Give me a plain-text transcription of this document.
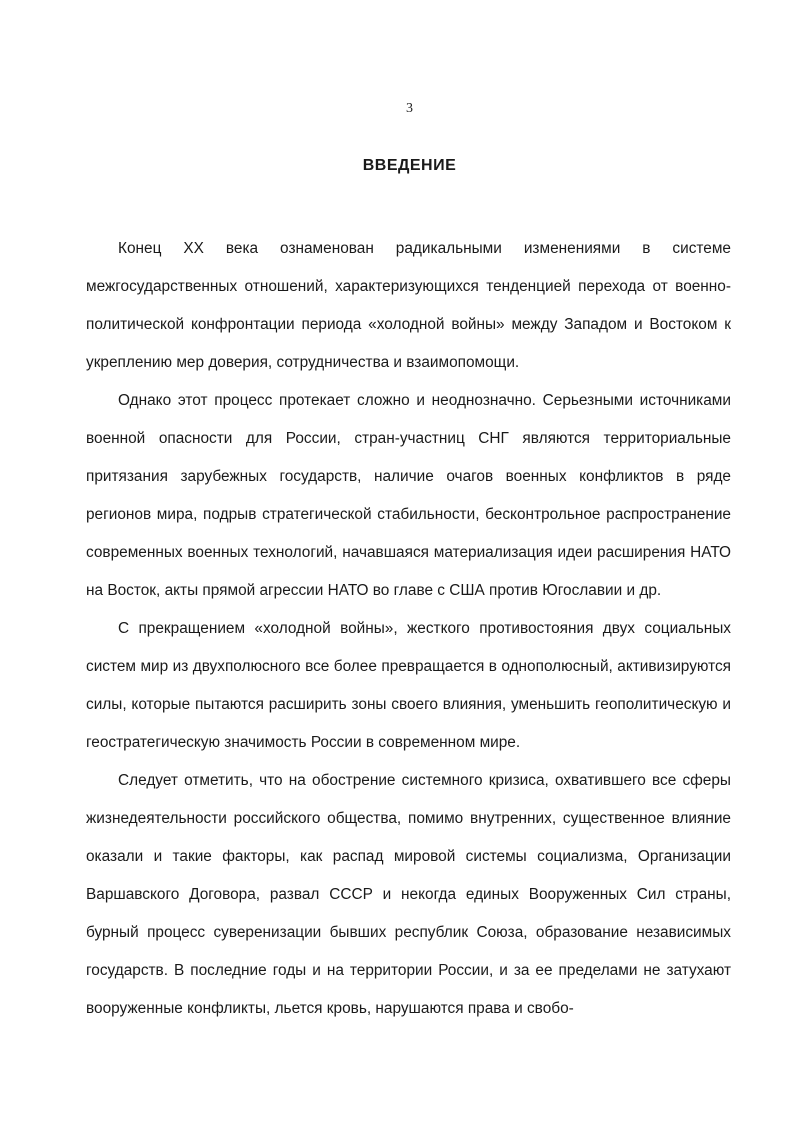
3
ВВЕДЕНИЕ

Конец XX века ознаменован радикальными изменениями в системе межгосударственных отношений, характеризующихся тенденцией перехода от военно-политической конфронтации периода «холодной войны» между Западом и Востоком к укреплению мер доверия, сотрудничества и взаимопомощи.

Однако этот процесс протекает сложно и неоднозначно. Серьезными источниками военной опасности для России, стран-участниц СНГ являются территориальные притязания зарубежных государств, наличие очагов военных конфликтов в ряде регионов мира, подрыв стратегической стабильности, бесконтрольное распространение современных военных технологий, начавшаяся материализация идеи расширения НАТО на Восток, акты прямой агрессии НАТО во главе с США против Югославии и др.

С прекращением «холодной войны», жесткого противостояния двух социальных систем мир из двухполюсного все более превращается в однополюсный, активизируются силы, которые пытаются расширить зоны своего влияния, уменьшить геополитическую и геостратегическую значимость России в современном мире.

Следует отметить, что на обострение системного кризиса, охватившего все сферы жизнедеятельности российского общества, помимо внутренних, существенное влияние оказали и такие факторы, как распад мировой системы социализма, Организации Варшавского Договора, развал СССР и некогда единых Вооруженных Сил страны, бурный процесс суверенизации бывших республик Союза, образование независимых государств. В последние годы и на территории России, и за ее пределами не затухают вооруженные конфликты, льется кровь, нарушаются права и свобо-
